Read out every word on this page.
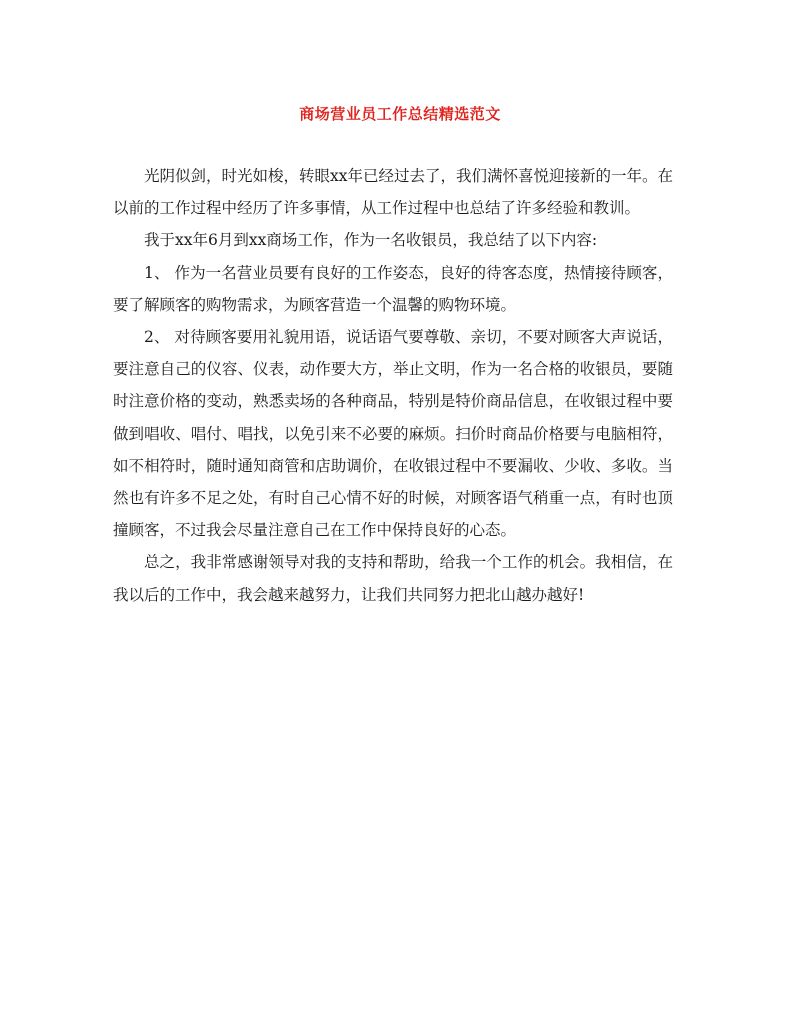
商场营业员工作总结精选范文

光阴似剑，时光如梭，转眼xx年已经过去了，我们满怀喜悦迎接新的一年。在以前的工作过程中经历了许多事情，从工作过程中也总结了许多经验和教训。

我于xx年6月到xx商场工作，作为一名收银员，我总结了以下内容:

1、 作为一名营业员要有良好的工作姿态，良好的待客态度，热情接待顾客，要了解顾客的购物需求，为顾客营造一个温馨的购物环境。

2、 对待顾客要用礼貌用语，说话语气要尊敬、亲切，不要对顾客大声说话，要注意自己的仪容、仪表，动作要大方，举止文明，作为一名合格的收银员，要随时注意价格的变动，熟悉卖场的各种商品，特别是特价商品信息，在收银过程中要做到唱收、唱付、唱找，以免引来不必要的麻烦。扫价时商品价格要与电脑相符，如不相符时，随时通知商管和店助调价，在收银过程中不要漏收、少收、多收。当然也有许多不足之处，有时自己心情不好的时候，对顾客语气稍重一点，有时也顶撞顾客，不过我会尽量注意自己在工作中保持良好的心态。

总之，我非常感谢领导对我的支持和帮助，给我一个工作的机会。我相信，在我以后的工作中，我会越来越努力，让我们共同努力把北山越办越好!
